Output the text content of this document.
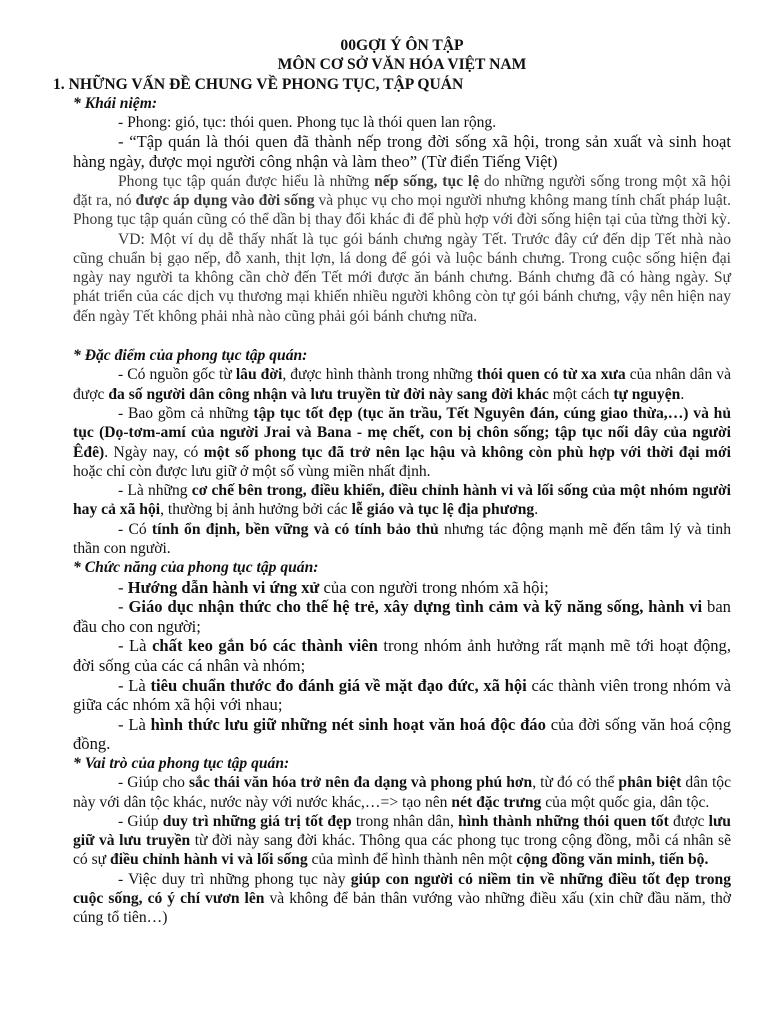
00GỢI Ý ÔN TẬP

MÔN CƠ SỞ VĂN HÓA VIỆT NAM

1. NHỮNG VẤN ĐỀ CHUNG VỀ PHONG TỤC, TẬP QUÁN

* Khái niệm:

- Phong: gió, tục: thói quen. Phong tục là thói quen lan rộng.

- “Tập quán là thói quen đã thành nếp trong đời sống xã hội, trong sản xuất và sinh hoạt hàng ngày, được mọi người công nhận và làm theo” (Từ điển Tiếng Việt)

Phong tục tập quán được hiểu là những nếp sống, tục lệ do những người sống trong một xã hội đặt ra, nó được áp dụng vào đời sống và phục vụ cho mọi người nhưng không mang tính chất pháp luật. Phong tục tập quán cũng có thể dần bị thay đổi khác đi để phù hợp với đời sống hiện tại của từng thời kỳ.

VD: Một ví dụ dễ thấy nhất là tục gói bánh chưng ngày Tết. Trước đây cứ đến dịp Tết nhà nào cũng chuẩn bị gạo nếp, đỗ xanh, thịt lợn, lá dong để gói và luộc bánh chưng. Trong cuộc sống hiện đại ngày nay người ta không cần chờ đến Tết mới được ăn bánh chưng. Bánh chưng đã có hàng ngày. Sự phát triển của các dịch vụ thương mại khiến nhiều người không còn tự gói bánh chưng, vậy nên hiện nay đến ngày Tết không phải nhà nào cũng phải gói bánh chưng nữa.

* Đặc điểm của phong tục tập quán:

- Có nguồn gốc từ lâu đời, được hình thành trong những thói quen có từ xa xưa của nhân dân và được đa số người dân công nhận và lưu truyền từ đời này sang đời khác một cách tự nguyện.

- Bao gồm cả những tập tục tốt đẹp (tục ăn trầu, Tết Nguyên đán, cúng giao thừa,…) và hủ tục (Dọ-tơm-amí của người Jrai và Bana - mẹ chết, con bị chôn sống; tập tục nối dây của người Êđê). Ngày nay, có một số phong tục đã trở nên lạc hậu và không còn phù hợp với thời đại mới hoặc chỉ còn được lưu giữ ở một số vùng miền nhất định.

- Là những cơ chế bên trong, điều khiển, điều chỉnh hành vi và lối sống của một nhóm người hay cả xã hội, thường bị ảnh hưởng bởi các lễ giáo và tục lệ địa phương.

- Có tính ổn định, bền vững và có tính bảo thủ nhưng tác động mạnh mẽ đến tâm lý và tinh thần con người.

* Chức năng của phong tục tập quán:

- Hướng dẫn hành vi ứng xử của con người trong nhóm xã hội;

- Giáo dục nhận thức cho thế hệ trẻ, xây dựng tình cảm và kỹ năng sống, hành vi ban đầu cho con người;

- Là chất keo gắn bó các thành viên trong nhóm ảnh hưởng rất mạnh mẽ tới hoạt động, đời sống của các cá nhân và nhóm;

- Là tiêu chuẩn thước đo đánh giá về mặt đạo đức, xã hội các thành viên trong nhóm và giữa các nhóm xã hội với nhau;

- Là hình thức lưu giữ những nét sinh hoạt văn hoá độc đáo của đời sống văn hoá cộng đồng.

* Vai trò của phong tục tập quán:

- Giúp cho sắc thái văn hóa trở nên đa dạng và phong phú hơn, từ đó có thể phân biệt dân tộc này với dân tộc khác, nước này với nước khác,…=> tạo nên nét đặc trưng của một quốc gia, dân tộc.

- Giúp duy trì những giá trị tốt đẹp trong nhân dân, hình thành những thói quen tốt được lưu giữ và lưu truyền từ đời này sang đời khác. Thông qua các phong tục trong cộng đồng, mỗi cá nhân sẽ có sự điều chỉnh hành vi và lối sống của mình để hình thành nên một cộng đồng văn minh, tiến bộ.

- Việc duy trì những phong tục này giúp con người có niềm tin về những điều tốt đẹp trong cuộc sống, có ý chí vươn lên và không để bản thân vướng vào những điều xấu (xin chữ đầu năm, thờ cúng tổ tiên…)
